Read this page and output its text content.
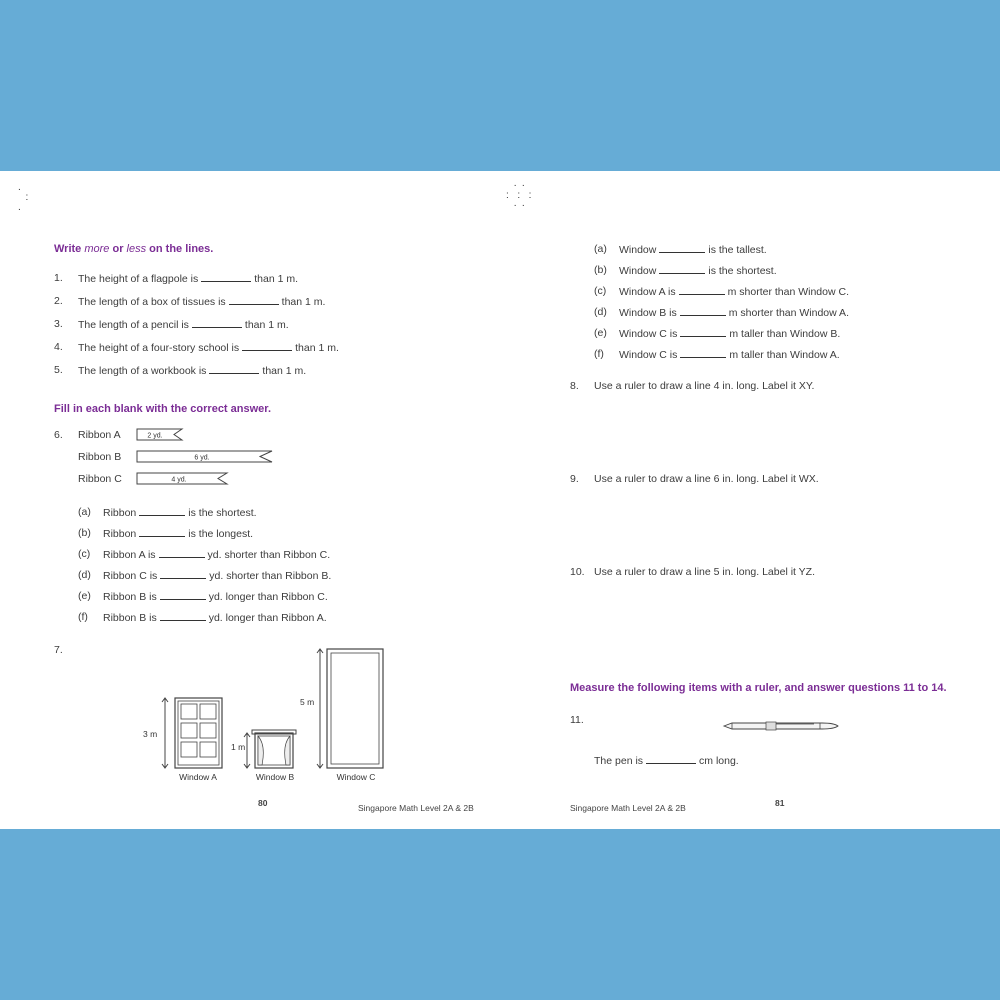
.
:
.
Write more or less on the lines.
1. The height of a flagpole is	than 1 m.
2. The length of a box of tissues is	than 1 m.
3. The length of a pencil is	than 1 m.
4. The height of a four-story school is	than 1 m.
5. The length of a workbook is	than 1 m.
Fill in each blank with the correct answer.
6. Ribbon A
Ribbon B
Ribbon C
2 yd.
6 yd.
4 yd.
(a) Ribbon	is the shortest.
(b) Ribbon	is the longest.
(c) Ribbon A is	yd. shorter than Ribbon C.
(d) Ribbon C is	yd. shorter than Ribbon B.
(e) Ribbon B is	yd. longer than Ribbon C.
(f) Ribbon B is	yd. longer than Ribbon A.
7.
3 m
Window A
1 m
Window B
5 m
Window C
80	Singapore Math Level 2A & 2B
· ·
:  :  :
· ·
(a) Window	is the tallest.
(b) Window	is the shortest.
(c) Window A is	m shorter than Window C.
(d) Window B is	m shorter than Window A.
(e) Window C is	m taller than Window B.
(f) Window C is	m taller than Window A.
8. Use a ruler to draw a line 4 in. long. Label it XY.
9. Use a ruler to draw a line 6 in. long. Label it WX.
10. Use a ruler to draw a line 5 in. long. Label it YZ.
Measure the following items with a ruler, and answer questions 11 to 14.
11.
The pen is	cm long.
Singapore Math Level 2A & 2B	81
